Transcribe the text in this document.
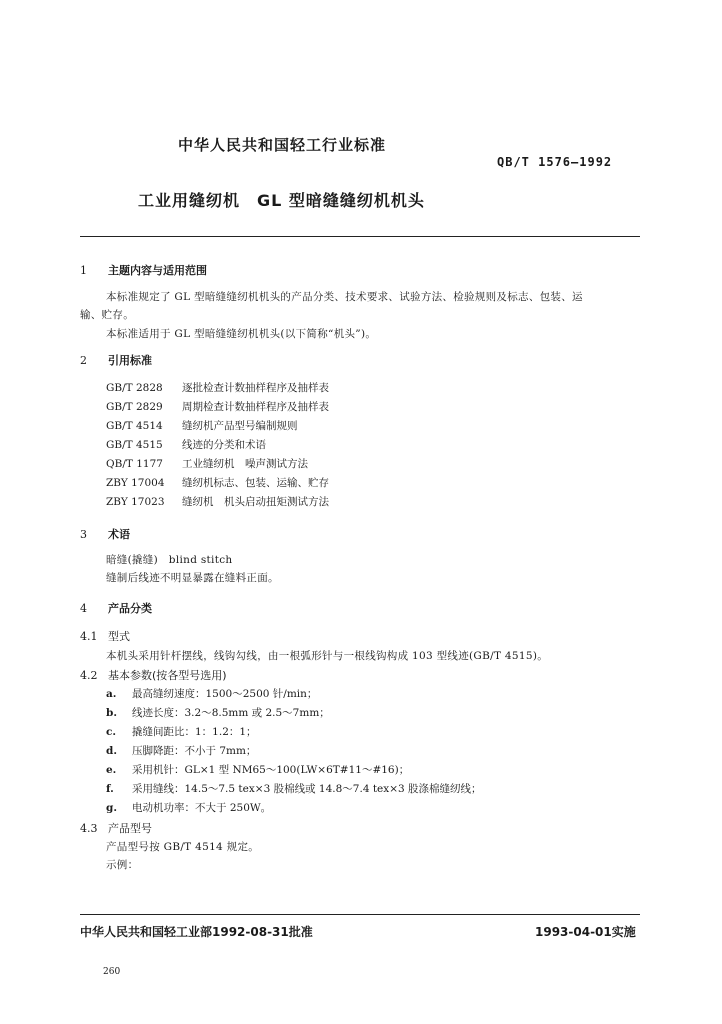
中华人民共和国轻工行业标准
QB/T 1576—1992
工业用缝纫机　GL 型暗缝缝纫机机头
1 主题内容与适用范围
本标准规定了 GL 型暗缝缝纫机机头的产品分类、技术要求、试验方法、检验规则及标志、包装、运
输、贮存。
本标准适用于 GL 型暗缝缝纫机机头(以下简称“机头”)。
2 引用标准
GB/T 2828 逐批检查计数抽样程序及抽样表
GB/T 2829 周期检查计数抽样程序及抽样表
GB/T 4514 缝纫机产品型号编制规则
GB/T 4515 线迹的分类和术语
QB/T 1177 工业缝纫机　噪声测试方法
ZBY 17004 缝纫机标志、包装、运输、贮存
ZBY 17023 缝纫机　机头启动扭矩测试方法
3 术语
暗缝(撬缝)　blind stitch
缝制后线迹不明显暴露在缝料正面。
4 产品分类
4.1 型式
本机头采用针杆摆线，线钩勾线，由一根弧形针与一根线钩构成 103 型线迹(GB/T 4515)。
4.2 基本参数(按各型号选用)
a. 最高缝纫速度：1500～2500 针/min；
b. 线迹长度：3.2～8.5mm 或 2.5～7mm；
c. 撬缝间距比：1：1.2：1；
d. 压脚降距：不小于 7mm；
e. 采用机针：GL×1 型 NM65～100(LW×6T#11～#16)；
f. 采用缝线：14.5～7.5 tex×3 股棉线或 14.8～7.4 tex×3 股涤棉缝纫线；
g. 电动机功率：不大于 250W。
4.3 产品型号
产品型号按 GB/T 4514 规定。
示例：
中华人民共和国轻工业部1992-08-31批准	1993-04-01实施
260
